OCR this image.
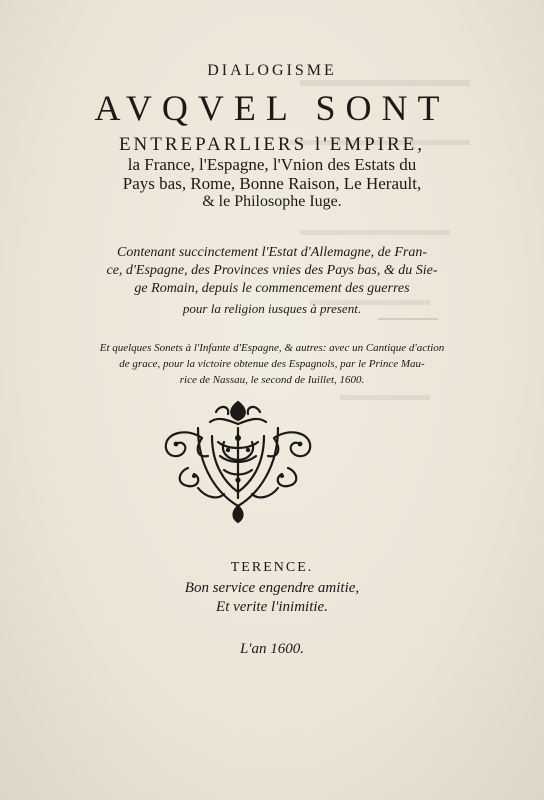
DIALOGISME
AVQVEL SONT
ENTREPARLIERS l'EMPIRE,
la France, l'Espagne, l'Vnion des Estats du
Pays bas, Rome, Bonne Raison, Le Herault,
& le Philosophe Iuge.
Contenant succinctement l'Estat d'Allemagne, de Fran-
ce, d'Espagne, des Provinces vnies des Pays bas, & du Sie-
ge Romain, depuis le commencement des guerres
pour la religion iusques à present.
Et quelques Sonets à l'Infante d'Espagne, & autres: avec un Cantique d'action
de grace, pour la victoire obtenue des Espagnols, par le Prince Mau-
rice de Nassau, le second de Iuillet, 1600.
TERENCE.
Bon service engendre amitie,
Et verite l'inimitie.
L'an 1600.
